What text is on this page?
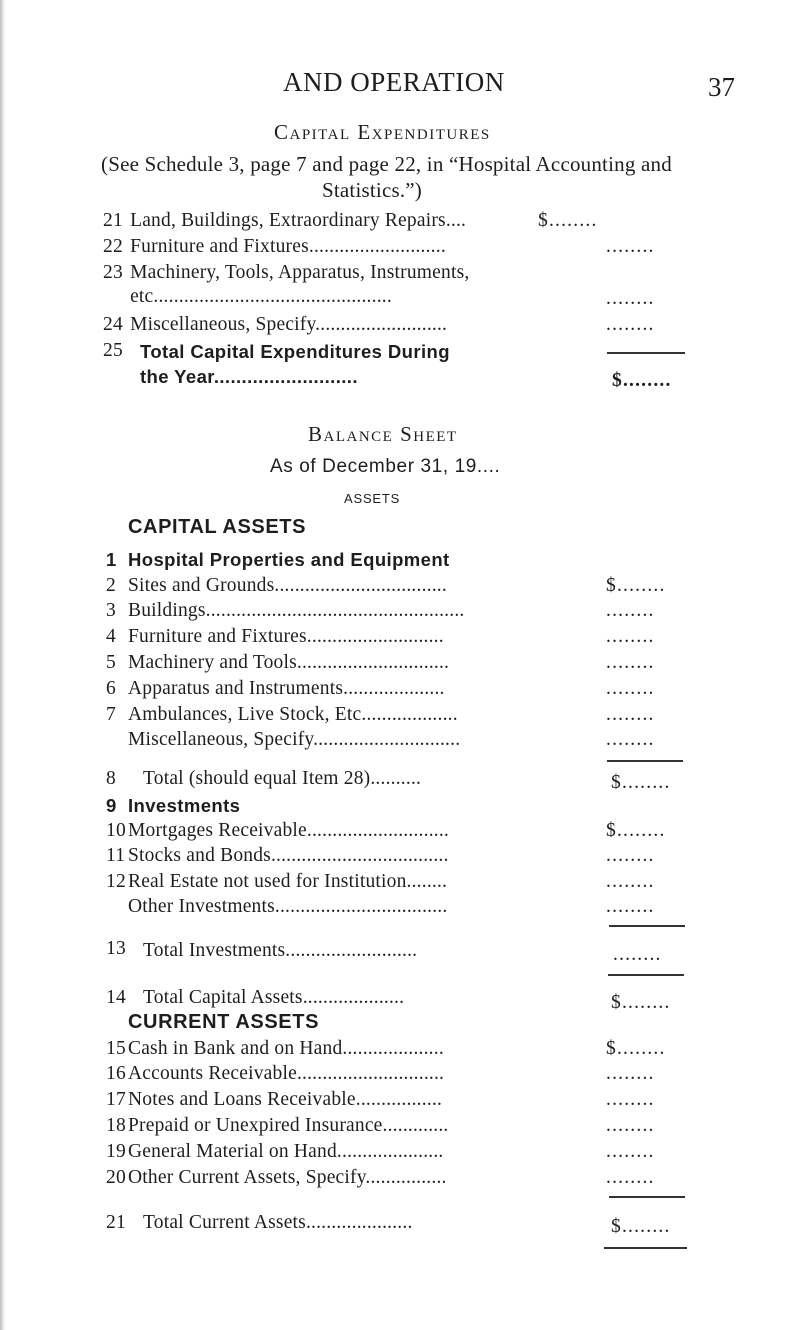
AND OPERATION	37
Capital Expenditures
(See Schedule 3, page 7 and page 22, in “Hospital Accounting and
Statistics.”)
21 Land, Buildings, Extraordinary Repairs....	$........
22 Furniture and Fixtures...........................	........
23 Machinery, Tools, Apparatus, Instruments,
etc...............................................	........
24 Miscellaneous, Specify..........................	........
25 Total Capital Expenditures During
the Year..........................	$........
Balance Sheet
As of December 31, 19....
ASSETS
CAPITAL ASSETS
1 Hospital Properties and Equipment
2 Sites and Grounds..................................	$........
3 Buildings...................................................	........
4 Furniture and Fixtures...........................	........
5 Machinery and Tools..............................	........
6 Apparatus and Instruments....................	........
7 Ambulances, Live Stock, Etc...................	........
Miscellaneous, Specify.............................	........
8 Total (should equal Item 28)..........	$........
9 Investments
10 Mortgages Receivable............................	$........
11 Stocks and Bonds...................................	........
12 Real Estate not used for Institution........	........
Other Investments..................................	........
13 Total Investments..........................	........
14 Total Capital Assets....................	$........
CURRENT ASSETS
15 Cash in Bank and on Hand....................	$........
16 Accounts Receivable.............................	........
17 Notes and Loans Receivable.................	........
18 Prepaid or Unexpired Insurance.............	........
19 General Material on Hand.....................	........
20 Other Current Assets, Specify................	........
21 Total Current Assets.....................	$........
